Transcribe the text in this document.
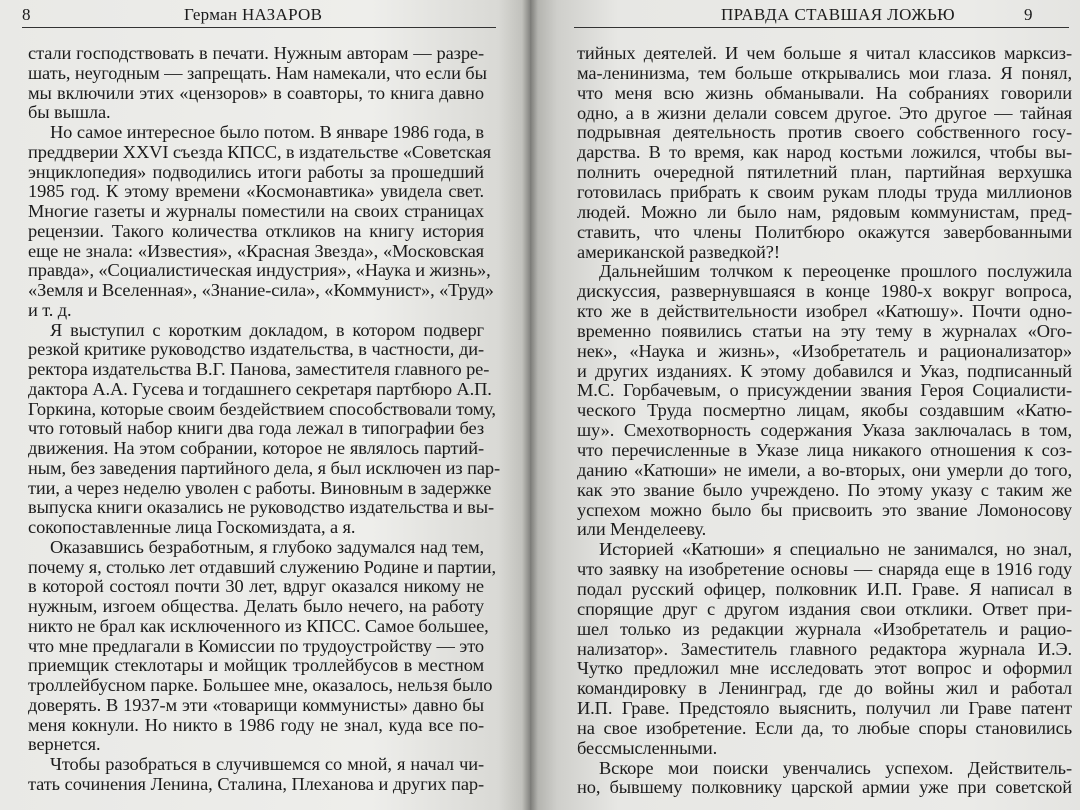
8	Герман НАЗАРОВ
стали господствовать в печати. Нужным авторам — разре-
шать, неугодным — запрещать. Нам намекали, что если бы
мы включили этих «цензоров» в соавторы, то книга давно
бы вышла.
Но самое интересное было потом. В январе 1986 года, в
преддверии XXVI съезда КПСС, в издательстве «Советская
энциклопедия» подводились итоги работы за прошедший
1985 год. К этому времени «Космонавтика» увидела свет.
Многие газеты и журналы поместили на своих страницах
рецензии. Такого количества откликов на книгу история
еще не знала: «Известия», «Красная Звезда», «Московская
правда», «Социалистическая индустрия», «Наука и жизнь»,
«Земля и Вселенная», «Знание-сила», «Коммунист», «Труд»
и т. д.
Я выступил с коротким докладом, в котором подверг
резкой критике руководство издательства, в частности, ди-
ректора издательства В.Г. Панова, заместителя главного ре-
дактора А.А. Гусева и тогдашнего секретаря партбюро А.П.
Горкина, которые своим бездействием способствовали тому,
что готовый набор книги два года лежал в типографии без
движения. На этом собрании, которое не являлось партий-
ным, без заведения партийного дела, я был исключен из пар-
тии, а через неделю уволен с работы. Виновным в задержке
выпуска книги оказались не руководство издательства и вы-
сокопоставленные лица Госкомиздата, а я.
Оказавшись безработным, я глубоко задумался над тем,
почему я, столько лет отдавший служению Родине и партии,
в которой состоял почти 30 лет, вдруг оказался никому не
нужным, изгоем общества. Делать было нечего, на работу
никто не брал как исключенного из КПСС. Самое большее,
что мне предлагали в Комиссии по трудоустройству — это
приемщик стеклотары и мойщик троллейбусов в местном
троллейбусном парке. Большее мне, оказалось, нельзя было
доверять. В 1937-м эти «товарищи коммунисты» давно бы
меня кокнули. Но никто в 1986 году не знал, куда все по-
вернется.
Чтобы разобраться в случившемся со мной, я начал чи-
тать сочинения Ленина, Сталина, Плеханова и других пар-
ПРАВДА СТАВШАЯ ЛОЖЬЮ	9
тийных деятелей. И чем больше я читал классиков марксиз-
ма-ленинизма, тем больше открывались мои глаза. Я понял,
что меня всю жизнь обманывали. На собраниях говорили
одно, а в жизни делали совсем другое. Это другое — тайная
подрывная деятельность против своего собственного госу-
дарства. В то время, как народ костьми ложился, чтобы вы-
полнить очередной пятилетний план, партийная верхушка
готовилась прибрать к своим рукам плоды труда миллионов
людей. Можно ли было нам, рядовым коммунистам, пред-
ставить, что члены Политбюро окажутся завербованными
американской разведкой?!
Дальнейшим толчком к переоценке прошлого послужила
дискуссия, развернувшаяся в конце 1980-х вокруг вопроса,
кто же в действительности изобрел «Катюшу». Почти одно-
временно появились статьи на эту тему в журналах «Ого-
нек», «Наука и жизнь», «Изобретатель и рационализатор»
и других изданиях. К этому добавился и Указ, подписанный
М.С. Горбачевым, о присуждении звания Героя Социалисти-
ческого Труда посмертно лицам, якобы создавшим «Катю-
шу». Смехотворность содержания Указа заключалась в том,
что перечисленные в Указе лица никакого отношения к соз-
данию «Катюши» не имели, а во-вторых, они умерли до того,
как это звание было учреждено. По этому указу с таким же
успехом можно было бы присвоить это звание Ломоносову
или Менделееву.
Историей «Катюши» я специально не занимался, но знал,
что заявку на изобретение основы — снаряда еще в 1916 году
подал русский офицер, полковник И.П. Граве. Я написал в
спорящие друг с другом издания свои отклики. Ответ при-
шел только из редакции журнала «Изобретатель и рацио-
нализатор». Заместитель главного редактора журнала И.Э.
Чутко предложил мне исследовать этот вопрос и оформил
командировку в Ленинград, где до войны жил и работал
И.П. Граве. Предстояло выяснить, получил ли Граве патент
на свое изобретение. Если да, то любые споры становились
бессмысленными.
Вскоре мои поиски увенчались успехом. Действитель-
но, бывшему полковнику царской армии уже при советской
